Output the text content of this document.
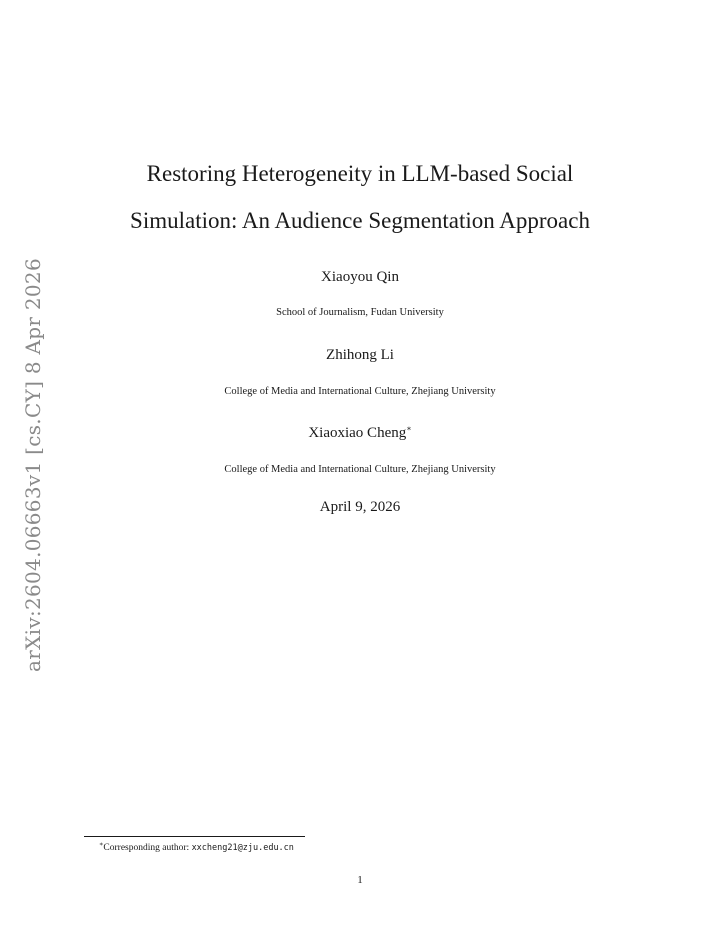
arXiv:2604.06663v1 [cs.CY] 8 Apr 2026
Restoring Heterogeneity in LLM-based Social
Simulation: An Audience Segmentation Approach
Xiaoyou Qin
School of Journalism, Fudan University
Zhihong Li
College of Media and International Culture, Zhejiang University
Xiaoxiao Cheng∗
College of Media and International Culture, Zhejiang University
April 9, 2026
∗Corresponding author: xxcheng21@zju.edu.cn
1
